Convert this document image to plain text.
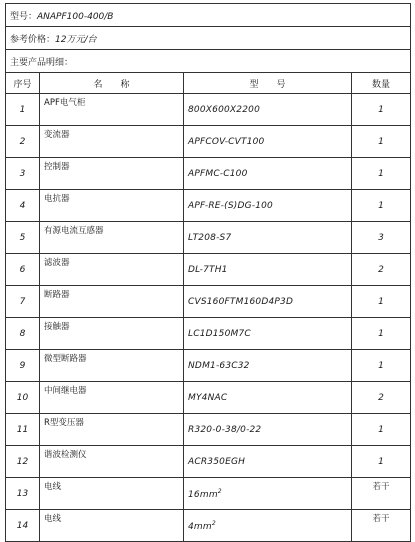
型号：ANAPF100-400/B			
参考价格：12万元/台			
主要产品明细：			
序号	名　　称	型　　号	数量
1	APF电气柜	800X600X2200	1
2	变流器	APFCOV-CVT100	1
3	控制器	APFMC-C100	1
4	电抗器	APF-RE-(S)DG-100	1
5	有源电流互感器	LT208-S7	3
6	滤波器	DL-7TH1	2
7	断路器	CVS160FTM160D4P3D	1
8	接触器	LC1D150M7C	1
9	微型断路器	NDM1-63C32	1
10	中间继电器	MY4NAC	2
11	R型变压器	R320-0-38/0-22	1
12	谐波检测仪	ACR350EGH	1
13	电线	$16mm^2$	若干
14	电线	$4mm^2$	若干
